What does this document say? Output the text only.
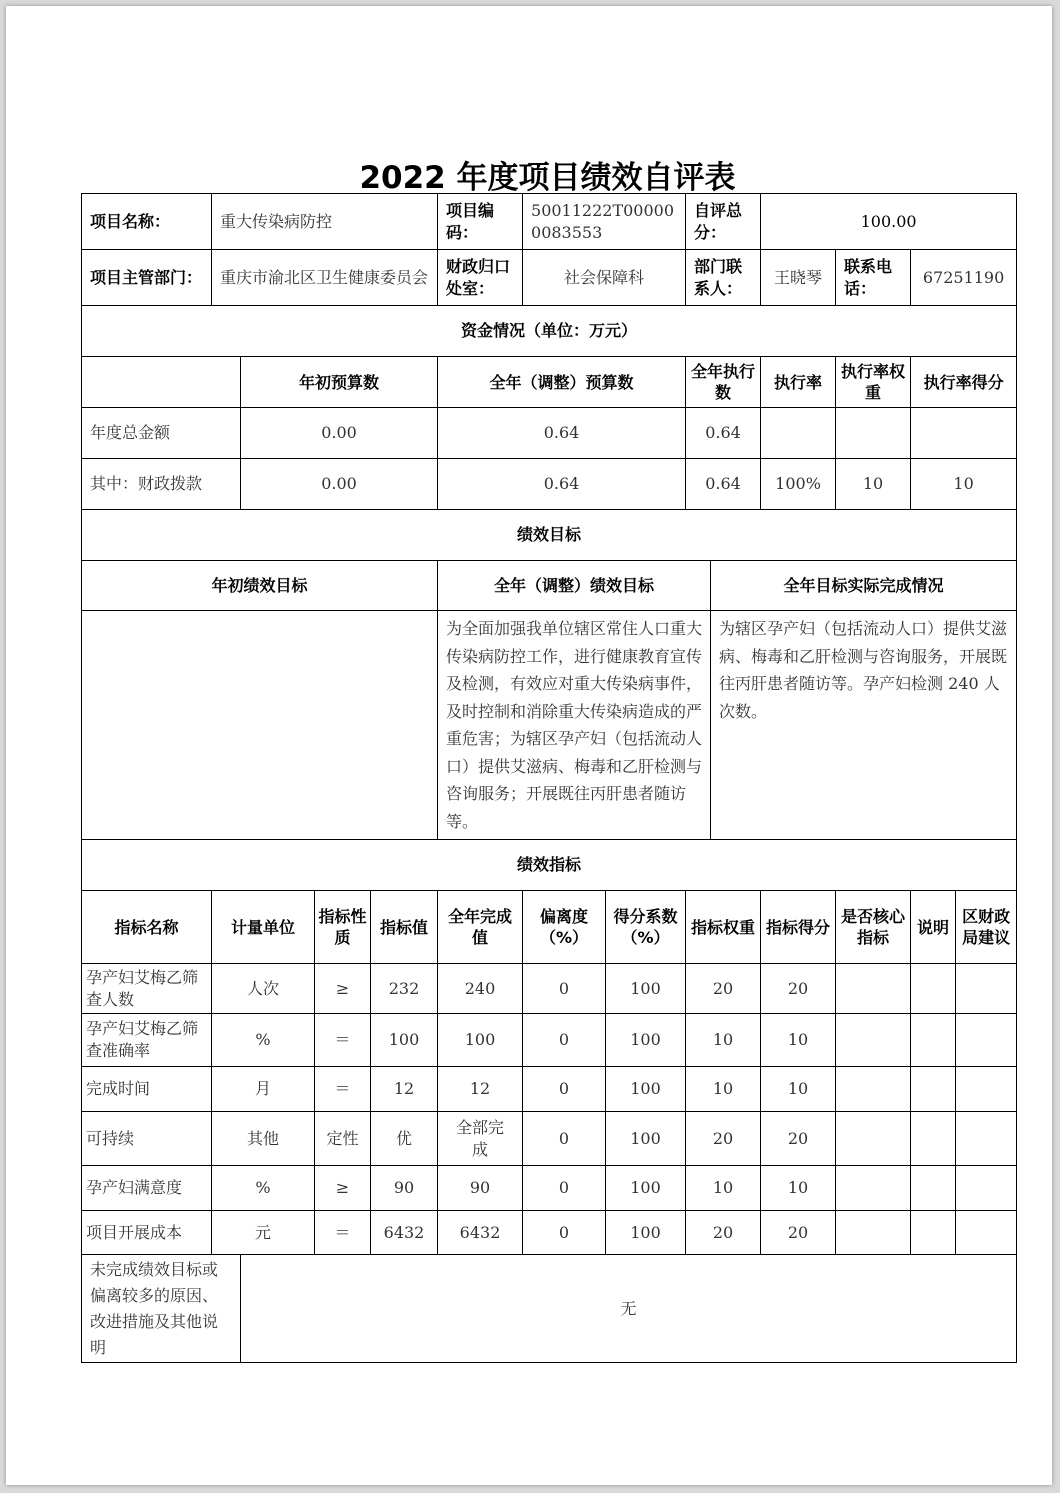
2022 年度项目绩效自评表
项目名称：	重大传染病防控				项目编码：	50011222T000000083553		自评总分：		100.00			
项目主管部门：	重庆市渝北区卫生健康委员会				财政归口处室：	社会保障科		部门联系人：		王晓琴	联系电话：	67251190	
资金情况（单位：万元）													
		年初预算数			全年（调整）预算数			全年执行数		执行率	执行率权重	执行率得分	
年度总金额		0.00			0.64			0.64					
其中：财政拨款		0.00			0.64			0.64		100%	10	10	
绩效目标													
年初绩效目标					全年（调整）绩效目标				全年目标实际完成情况				
					为全面加强我单位辖区常住人口重大传染病防控工作，进行健康教育宣传及检测，有效应对重大传染病事件，及时控制和消除重大传染病造成的严重危害；为辖区孕产妇（包括流动人口）提供艾滋病、梅毒和乙肝检测与咨询服务；开展既往丙肝患者随访等。				为辖区孕产妇（包括流动人口）提供艾滋病、梅毒和乙肝检测与咨询服务，开展既往丙肝患者随访等。孕产妇检测 240 人次数。				
绩效指标													
指标名称	计量单位		指标性质	指标值	全年完成值	偏离度（%）	得分系数（%）	指标权重		指标得分	是否核心指标	说明	区财政局建议
孕产妇艾梅乙筛查人数	人次		≥	232	240	0	100	20		20			
孕产妇艾梅乙筛查准确率	%		＝	100	100	0	100	10		10			
完成时间	月		＝	12	12	0	100	10		10			
可持续	其他		定性	优	全部完成	0	100	20		20			
孕产妇满意度	%		≥	90	90	0	100	10		10			
项目开展成本	元		＝	6432	6432	0	100	20		20			
未完成绩效目标或偏离较多的原因、改进措施及其他说明		无											
